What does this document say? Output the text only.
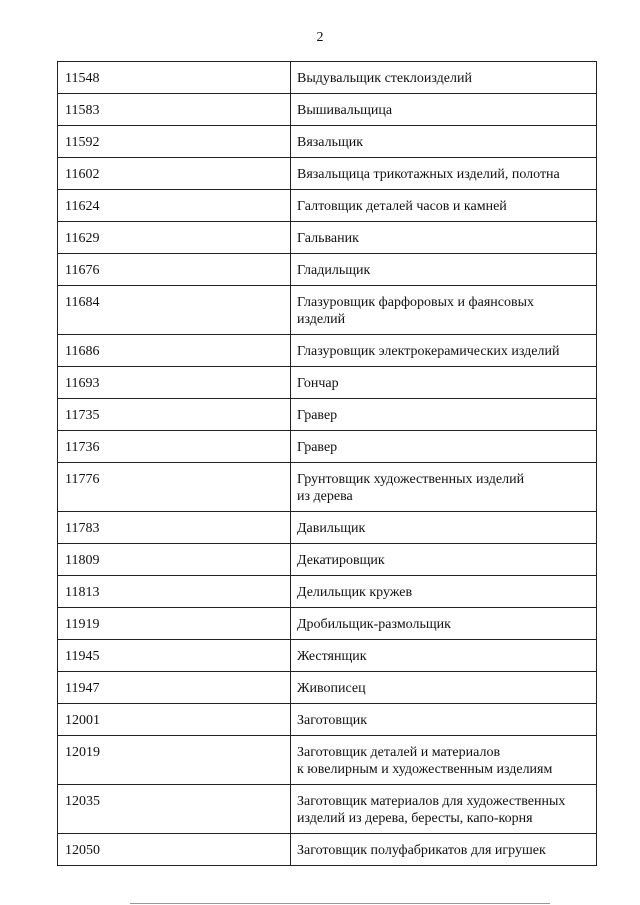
2
11548	Выдувальщик стеклоизделий

11583	Вышивальщица

11592	Вязальщик

11602	Вязальщица трикотажных изделий, полотна

11624	Галтовщик деталей часов и камней

11629	Гальваник

11676	Гладильщик

11684	Глазуровщик фарфоровых и фаянсовых
изделий

11686	Глазуровщик электрокерамических изделий

11693	Гончар

11735	Гравер

11736	Гравер

11776	Грунтовщик художественных изделий
из дерева

11783	Давильщик

11809	Декатировщик

11813	Делильщик кружев

11919	Дробильщик-размольщик

11945	Жестянщик

11947	Живописец

12001	Заготовщик

12019	Заготовщик деталей и материалов
к ювелирным и художественным изделиям

12035	Заготовщик материалов для художественных
изделий из дерева, бересты, капо-корня

12050	Заготовщик полуфабрикатов для игрушек
